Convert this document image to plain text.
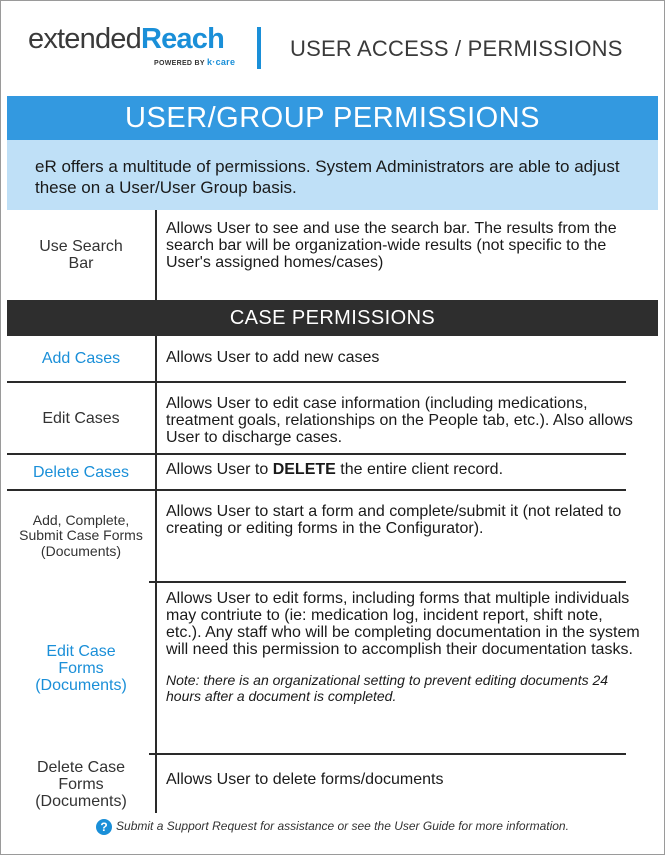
extendedReach
POWERED BY k·care
USER ACCESS / PERMISSIONS
USER/GROUP PERMISSIONS

eR offers a multitude of permissions. System Administrators are able to adjust these on a User/User Group basis.

Use Search Bar
Allows User to see and use the search bar. The results from the search bar will be organization-wide results (not specific to the User's assigned homes/cases)
CASE PERMISSIONS
Add Cases	Allows User to add new cases
Edit Cases
Allows User to edit case information (including medications, treatment goals, relationships on the People tab, etc.). Also allows User to discharge cases.
Delete Cases	Allows User to DELETE the entire client record.
Add, Complete, Submit Case Forms (Documents)
Allows User to start a form and complete/submit it (not related to creating or editing forms in the Configurator).
Edit Case Forms (Documents)
Allows User to edit forms, including forms that multiple individuals may contriute to (ie: medication log, incident report, shift note, etc.). Any staff who will be completing documentation in the system will need this permission to accomplish their documentation tasks.
Note: there is an organizational setting to prevent editing documents 24 hours after a document is completed.
Delete Case Forms (Documents)
Allows User to delete forms/documents
? Submit a Support Request for assistance or see the User Guide for more information.
